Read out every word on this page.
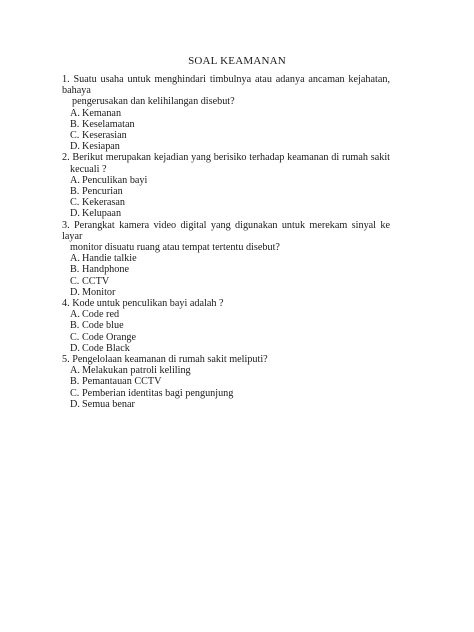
SOAL KEAMANAN
1. Suatu usaha untuk menghindari timbulnya atau adanya ancaman kejahatan, bahaya
pengerusakan dan kelihilangan disebut?
A. Kemanan
B. Keselamatan
C. Keserasian
D. Kesiapan
2. Berikut merupakan kejadian yang berisiko terhadap keamanan di rumah sakit
kecuali ?
A. Penculikan bayi
B. Pencurian
C. Kekerasan
D. Kelupaan
3. Perangkat kamera video digital yang digunakan untuk merekam sinyal ke layar
monitor disuatu ruang atau tempat tertentu disebut?
A. Handie talkie
B. Handphone
C. CCTV
D. Monitor
4. Kode untuk penculikan bayi adalah ?
A. Code red
B. Code blue
C. Code Orange
D. Code Black
5. Pengelolaan keamanan di rumah sakit meliputi?
A. Melakukan patroli keliling
B. Pemantauan CCTV
C. Pemberian identitas bagi pengunjung
D. Semua benar
